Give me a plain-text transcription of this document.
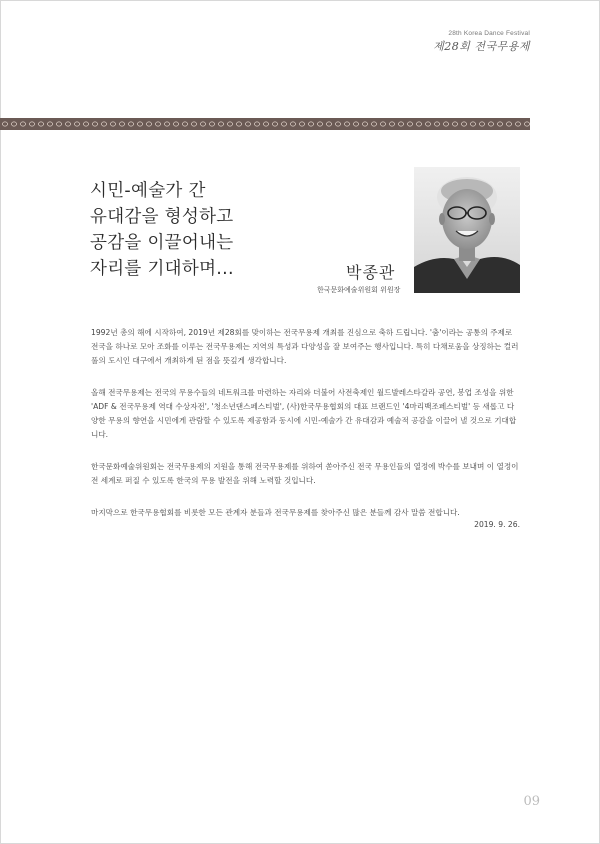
28th Korea Dance Festival
제28회 전국무용제
시민-예술가 간
유대감을 형성하고
공감을 이끌어내는
자리를 기대하며...	박종관
한국문화예술위원회 위원장

1992년 총의 해에 시작하여, 2019년 제28회를 맞이하는 전국무용제 개최를 진심으로 축하 드립니다. '춤'이라는 공통의 주제로 전국을 하나로 모아 조화를 이루는 전국무용제는 지역의 특성과 다양성을 잘 보여주는 행사입니다. 특히 다채로움을 상징하는 컬러풀의 도시인 대구에서 개최하게 된 점을 뜻깊게 생각합니다.

올해 전국무용제는 전국의 무용수들의 네트워크를 마련하는 자리와 더불어 사전축제인 월드발레스타갈라 공연, 봉업 조성을 위한 'ADF & 전국무용제 역대 수상자전', '청소년댄스페스티벌', (사)한국무용협회의 대표 브랜드인 '4마리백조페스티벌' 등 새롭고 다양한 무용의 향연을 시민에게 관람할 수 있도록 제공함과 동시에 시민-예술가 간 유대감과 예술적 공감을 이끌어 낼 것으로 기대합니다.

한국문화예술위원회는 전국무용제의 지원을 통해 전국무용제를 위하여 쏟아주신 전국 무용인들의 열정에 박수를 보내며 이 열정이 전 세계로 퍼질 수 있도록 한국의 무용 발전을 위해 노력할 것입니다.

마지막으로 한국무용협회를 비롯한 모든 관계자 분들과 전국무용제를 찾아주신 많은 분들께 감사 말씀 전합니다.

2019. 9. 26.
09
